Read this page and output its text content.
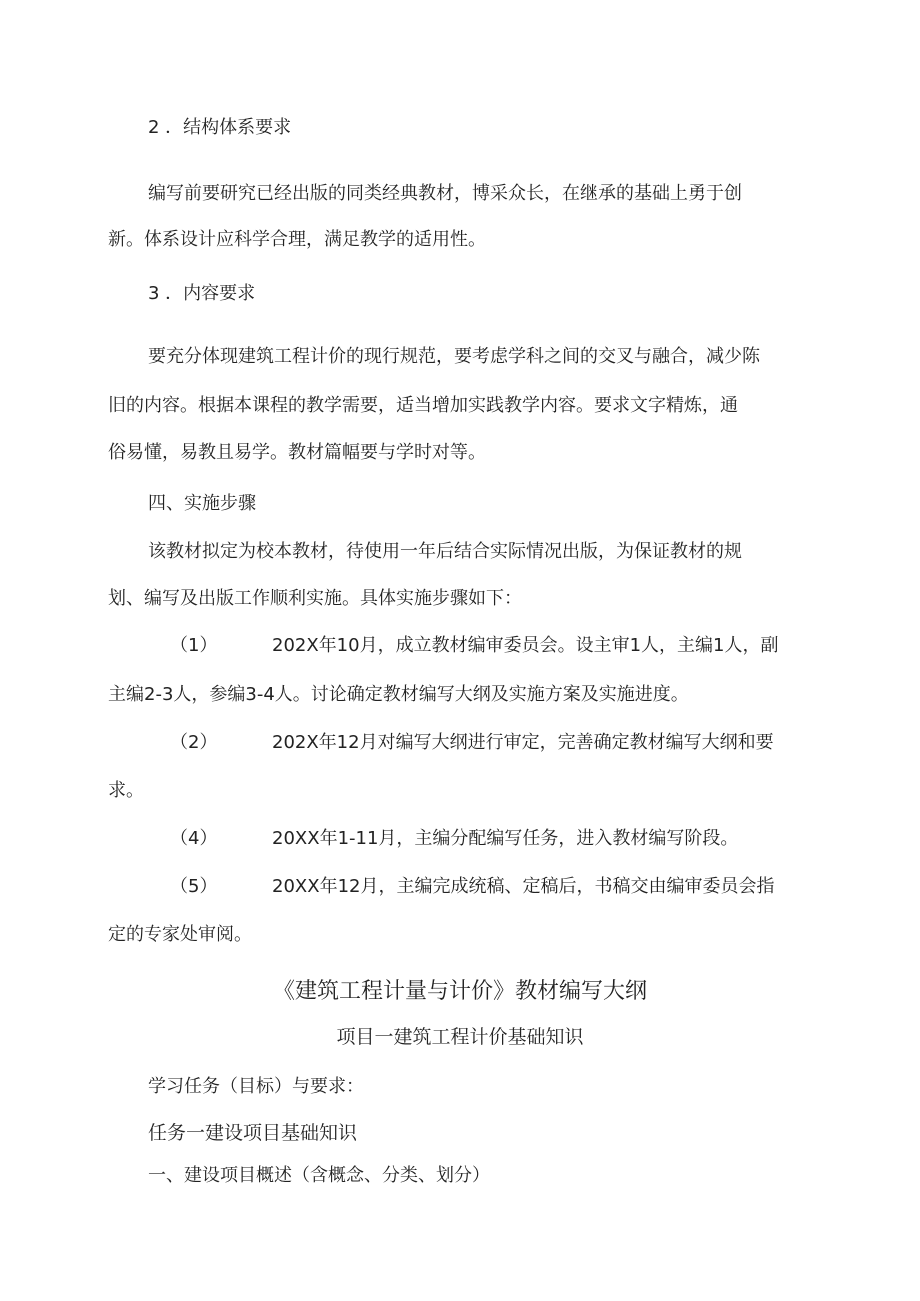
2 ．结构体系要求
编写前要研究已经出版的同类经典教材，博采众长，在继承的基础上勇于创
新。体系设计应科学合理，满足教学的适用性。
3 ．内容要求
要充分体现建筑工程计价的现行规范，要考虑学科之间的交叉与融合，减少陈
旧的内容。根据本课程的教学需要，适当增加实践教学内容。要求文字精炼，通
俗易懂，易教且易学。教材篇幅要与学时对等。
四、实施步骤
该教材拟定为校本教材，待使用一年后结合实际情况出版，为保证教材的规
划、编写及出版工作顺利实施。具体实施步骤如下：
（1）	202X年10月，成立教材编审委员会。设主审1人，主编1人，副
主编2-3人，参编3-4人。讨论确定教材编写大纲及实施方案及实施进度。
（2）	202X年12月对编写大纲进行审定，完善确定教材编写大纲和要
求。
（4）	20XX年1-11月，主编分配编写任务，进入教材编写阶段。
（5）	20XX年12月，主编完成统稿、定稿后，书稿交由编审委员会指
定的专家处审阅。
《建筑工程计量与计价》教材编写大纲
项目一建筑工程计价基础知识
学习任务（目标）与要求：
任务一建设项目基础知识
一、建设项目概述（含概念、分类、划分）
